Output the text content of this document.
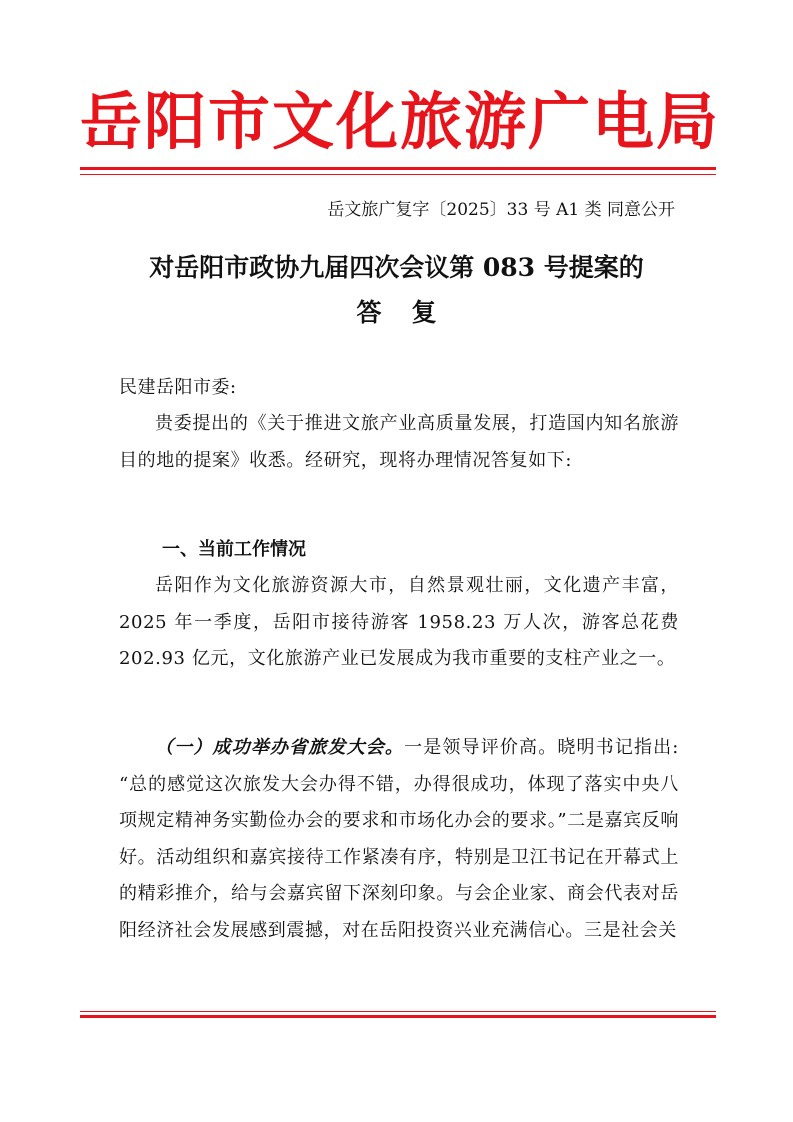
岳阳市文化旅游广电局
岳文旅广复字〔2025〕33 号 A1 类 同意公开
对岳阳市政协九届四次会议第 083 号提案的
答复
民建岳阳市委:
贵委提出的《关于推进文旅产业高质量发展，打造国内知名旅游目的地的提案》收悉。经研究，现将办理情况答复如下:
一、当前工作情况
岳阳作为文化旅游资源大市，自然景观壮丽，文化遗产丰富，2025 年一季度，岳阳市接待游客 1958.23 万人次，游客总花费 202.93 亿元，文化旅游产业已发展成为我市重要的支柱产业之一。
（一）成功举办省旅发大会。一是领导评价高。晓明书记指出: “总的感觉这次旅发大会办得不错，办得很成功，体现了落实中央八项规定精神务实勤俭办会的要求和市场化办会的要求。”二是嘉宾反响好。活动组织和嘉宾接待工作紧凑有序，特别是卫江书记在开幕式上的精彩推介，给与会嘉宾留下深刻印象。与会企业家、商会代表对岳阳经济社会发展感到震撼，对在岳阳投资兴业充满信心。三是社会关
